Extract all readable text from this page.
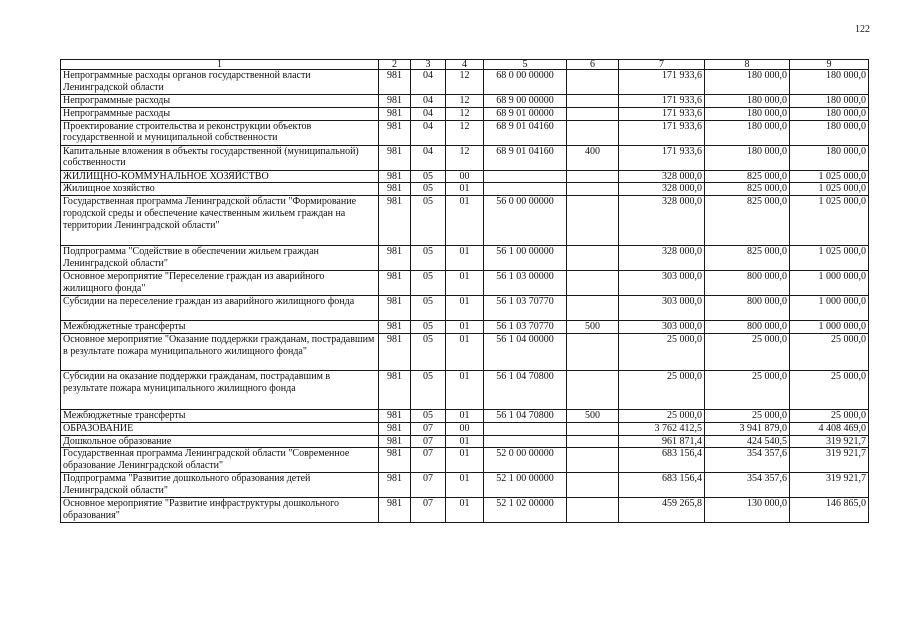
122
1	2	3	4	5	6	7	8	9
Непрограммные расходы органов государственной власти Ленинградской области	981	04	12	68 0 00 00000		171 933,6	180 000,0	180 000,0
Непрограммные расходы	981	04	12	68 9 00 00000		171 933,6	180 000,0	180 000,0
Непрограммные расходы	981	04	12	68 9 01 00000		171 933,6	180 000,0	180 000,0
Проектирование строительства и реконструкции объектов государственной и муниципальной собственности	981	04	12	68 9 01 04160		171 933,6	180 000,0	180 000,0
Капитальные вложения в объекты государственной (муниципальной) собственности	981	04	12	68 9 01 04160	400	171 933,6	180 000,0	180 000,0
ЖИЛИЩНО-КОММУНАЛЬНОЕ ХОЗЯЙСТВО	981	05	00			328 000,0	825 000,0	1 025 000,0
Жилищное хозяйство	981	05	01			328 000,0	825 000,0	1 025 000,0
Государственная программа Ленинградской области "Формирование городской среды и обеспечение качественным жильем граждан на территории Ленинградской области"	981	05	01	56 0 00 00000		328 000,0	825 000,0	1 025 000,0
Подпрограмма "Содействие в обеспечении жильем граждан Ленинградской области"	981	05	01	56 1 00 00000		328 000,0	825 000,0	1 025 000,0
Основное мероприятие "Переселение граждан из аварийного жилищного фонда"	981	05	01	56 1 03 00000		303 000,0	800 000,0	1 000 000,0
Субсидии на переселение граждан из аварийного жилищного фонда	981	05	01	56 1 03 70770		303 000,0	800 000,0	1 000 000,0
Межбюджетные трансферты	981	05	01	56 1 03 70770	500	303 000,0	800 000,0	1 000 000,0
Основное мероприятие "Оказание поддержки гражданам, пострадавшим в результате пожара муниципального жилищного фонда"	981	05	01	56 1 04 00000		25 000,0	25 000,0	25 000,0
Субсидии на оказание поддержки гражданам, пострадавшим в результате пожара муниципального жилищного фонда	981	05	01	56 1 04 70800		25 000,0	25 000,0	25 000,0
Межбюджетные трансферты	981	05	01	56 1 04 70800	500	25 000,0	25 000,0	25 000,0
ОБРАЗОВАНИЕ	981	07	00			3 762 412,5	3 941 879,0	4 408 469,0
Дошкольное образование	981	07	01			961 871,4	424 540,5	319 921,7
Государственная программа Ленинградской области "Современное образование Ленинградской области"	981	07	01	52 0 00 00000		683 156,4	354 357,6	319 921,7
Подпрограмма "Развитие дошкольного образования детей Ленинградской области"	981	07	01	52 1 00 00000		683 156,4	354 357,6	319 921,7
Основное мероприятие "Развитие инфраструктуры дошкольного образования"	981	07	01	52 1 02 00000		459 265,8	130 000,0	146 865,0
